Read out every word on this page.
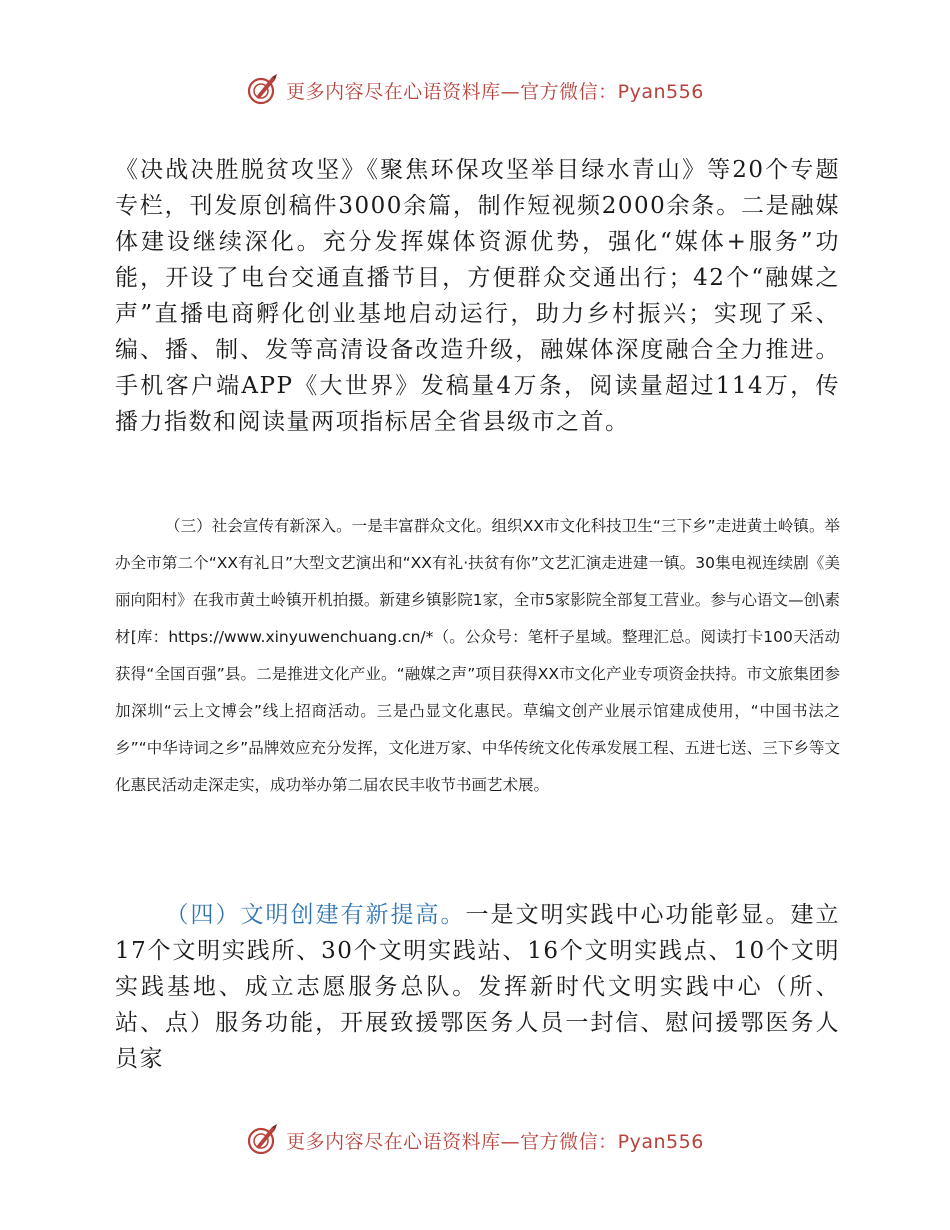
更多内容尽在心语资料库—官方微信：Pyan556

《决战决胜脱贫攻坚》《聚焦环保攻坚举目绿水青山》等20个专题专栏，刊发原创稿件3000余篇，制作短视频2000余条。二是融媒体建设继续深化。充分发挥媒体资源优势，强化“媒体+服务”功能，开设了电台交通直播节目，方便群众交通出行；42个“融媒之声”直播电商孵化创业基地启动运行，助力乡村振兴；实现了采、编、播、制、发等高清设备改造升级，融媒体深度融合全力推进。手机客户端APP《大世界》发稿量4万条，阅读量超过114万，传播力指数和阅读量两项指标居全省县级市之首。

（三）社会宣传有新深入。一是丰富群众文化。组织XX市文化科技卫生“三下乡”走进黄土岭镇。举办全市第二个“XX有礼日”大型文艺演出和“XX有礼·扶贫有你”文艺汇演走进建一镇。30集电视连续剧《美丽向阳村》在我市黄土岭镇开机拍摄。新建乡镇影院1家，全市5家影院全部复工营业。参与心语文—创\素材[库：https://www.xinyuwenchuang.cn/*（。公众号：笔杆子星域。整理汇总。阅读打卡100天活动获得“全国百强”县。二是推进文化产业。“融媒之声”项目获得XX市文化产业专项资金扶持。市文旅集团参加深圳“云上文博会”线上招商活动。三是凸显文化惠民。草编文创产业展示馆建成使用，“中国书法之乡”“中华诗词之乡”品牌效应充分发挥，文化进万家、中华传统文化传承发展工程、五进七送、三下乡等文化惠民活动走深走实，成功举办第二届农民丰收节书画艺术展。

（四）文明创建有新提高。一是文明实践中心功能彰显。建立17个文明实践所、30个文明实践站、16个文明实践点、10个文明实践基地、成立志愿服务总队。发挥新时代文明实践中心（所、站、点）服务功能，开展致援鄂医务人员一封信、慰问援鄂医务人员家

更多内容尽在心语资料库—官方微信：Pyan556
